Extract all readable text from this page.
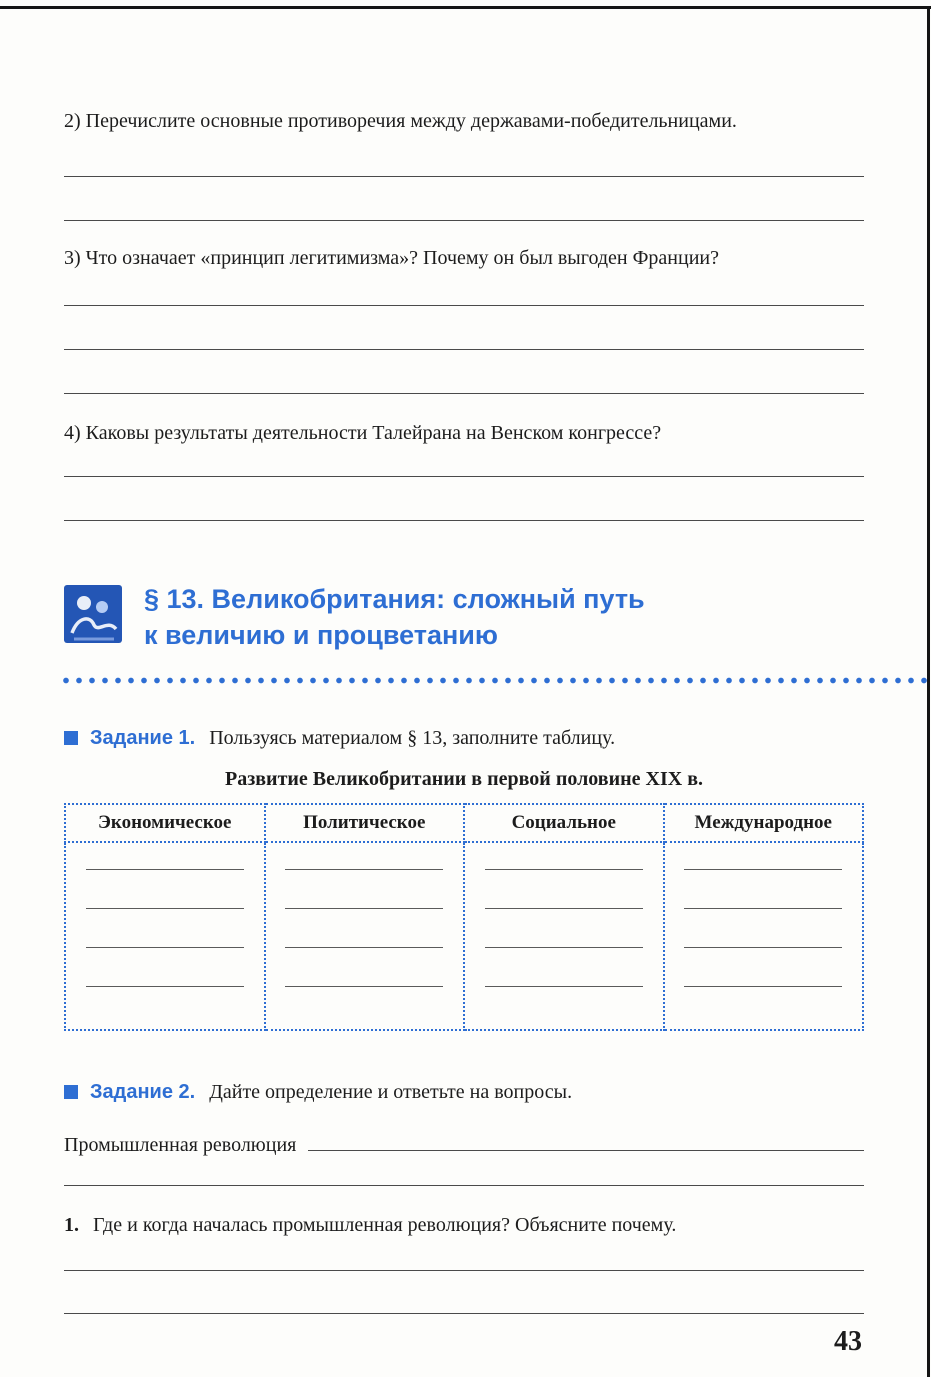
2) Перечислите основные противоречия между державами-победительницами.

3) Что означает «принцип легитимизма»? Почему он был выгоден Франции?

4) Каковы результаты деятельности Талейрана на Венском конгрессе?

§ 13. Великобритания: сложный путь
к величию и процветанию
Задание 1. Пользуясь материалом § 13, заполните таблицу.
Развитие Великобритании в первой половине XIX в.
Экономическое	Политическое	Социальное	Международное

Задание 2. Дайте определение и ответьте на вопросы.
Промышленная революция

1. Где и когда началась промышленная революция? Объясните почему.

43
